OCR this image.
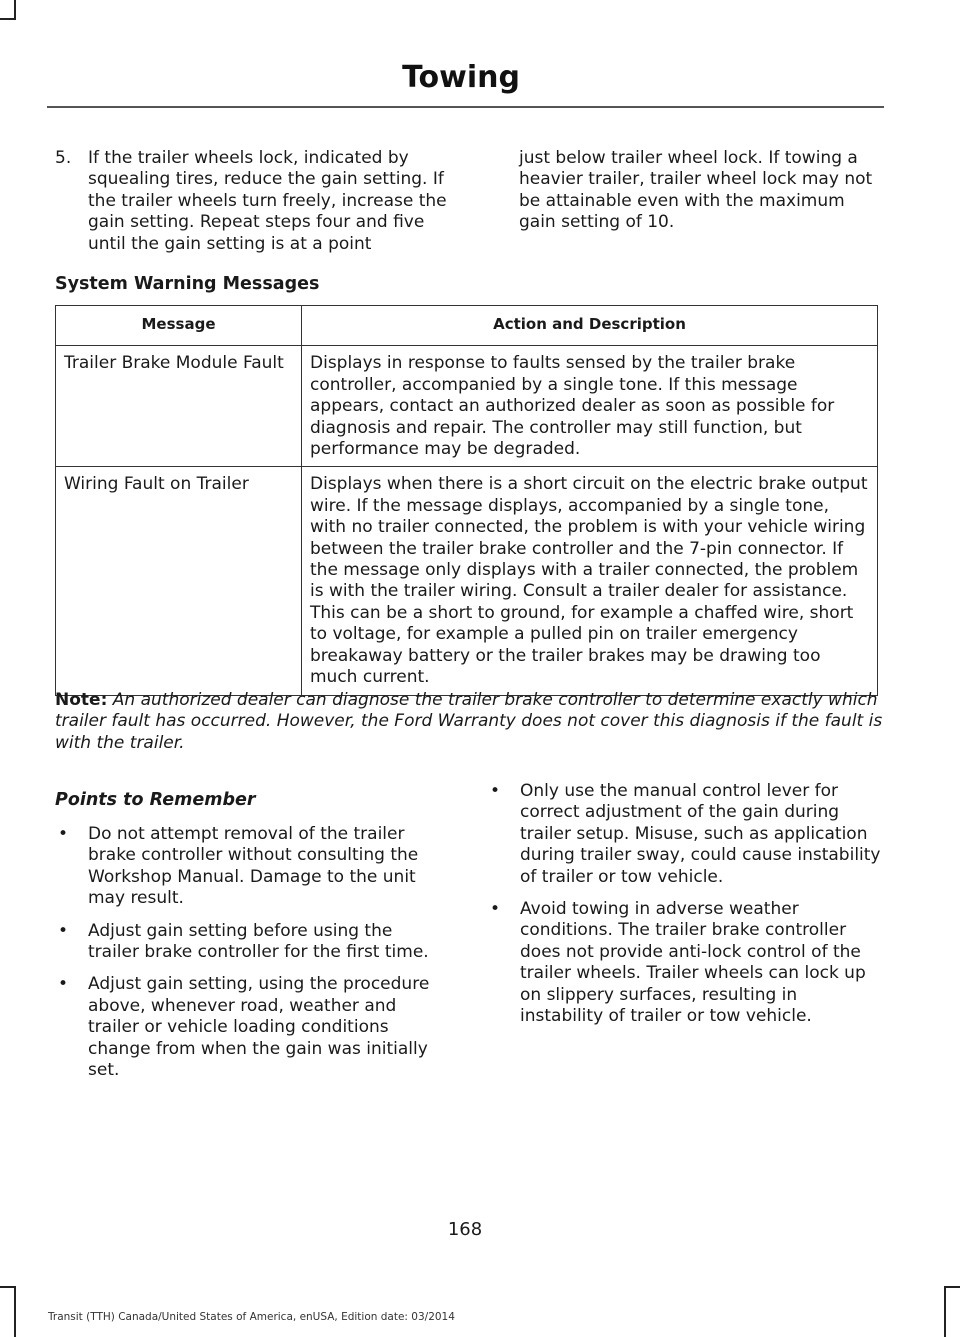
Towing
5. If the trailer wheels lock, indicated by squealing tires, reduce the gain setting. If the trailer wheels turn freely, increase the gain setting. Repeat steps four and five until the gain setting is at a point
just below trailer wheel lock. If towing a heavier trailer, trailer wheel lock may not be attainable even with the maximum gain setting of 10.
System Warning Messages
Message	Action and Description
Trailer Brake Module Fault	Displays in response to faults sensed by the trailer brake controller, accompanied by a single tone. If this message appears, contact an authorized dealer as soon as possible for diagnosis and repair. The controller may still function, but performance may be degraded.
Wiring Fault on Trailer	Displays when there is a short circuit on the electric brake output wire. If the message displays, accompanied by a single tone, with no trailer connected, the problem is with your vehicle wiring between the trailer brake controller and the 7-pin connector. If the message only displays with a trailer connected, the problem is with the trailer wiring. Consult a trailer dealer for assistance. This can be a short to ground, for example a chaffed wire, short to voltage, for example a pulled pin on trailer emergency breakaway battery or the trailer brakes may be drawing too much current.
Note: An authorized dealer can diagnose the trailer brake controller to determine exactly which trailer fault has occurred. However, the Ford Warranty does not cover this diagnosis if the fault is with the trailer.
Points to Remember
• Do not attempt removal of the trailer brake controller without consulting the Workshop Manual. Damage to the unit may result.
• Adjust gain setting before using the trailer brake controller for the first time.
• Adjust gain setting, using the procedure above, whenever road, weather and trailer or vehicle loading conditions change from when the gain was initially set.
• Only use the manual control lever for correct adjustment of the gain during trailer setup. Misuse, such as application during trailer sway, could cause instability of trailer or tow vehicle.
• Avoid towing in adverse weather conditions. The trailer brake controller does not provide anti-lock control of the trailer wheels. Trailer wheels can lock up on slippery surfaces, resulting in instability of trailer or tow vehicle.
168
Transit (TTH) Canada/United States of America, enUSA, Edition date: 03/2014
